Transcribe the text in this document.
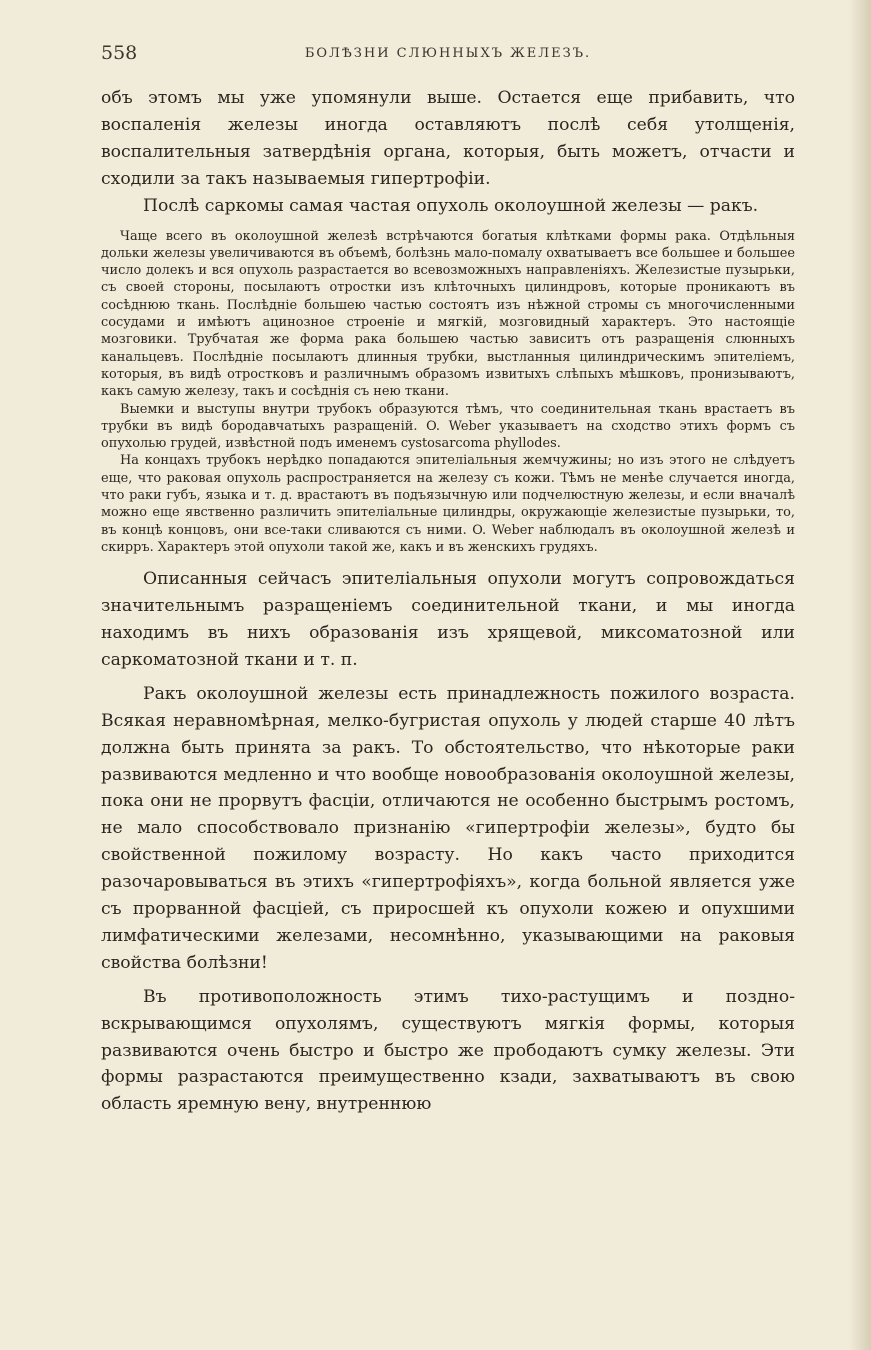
558	БОЛѢЗНИ СЛЮННЫХЪ ЖЕЛЕЗЪ.

объ этомъ мы уже упомянули выше. Остается еще прибавить, что воспаленія железы иногда оставляютъ послѣ себя утолщенія, воспалительныя затвердѣнія органа, которыя, быть можетъ, отчасти и сходили за такъ называемыя гипертрофіи.

Послѣ саркомы самая частая опухоль околоушной железы — ракъ.

Чаще всего въ околоушной железѣ встрѣчаются богатыя клѣтками формы рака. Отдѣльныя дольки железы увеличиваются въ объемѣ, болѣзнь мало-помалу охватываетъ все большее и большее число долекъ и вся опухоль разрастается во всевозможныхъ направленіяхъ. Железистые пузырьки, съ своей стороны, посылаютъ отростки изъ клѣточныхъ цилиндровъ, которые проникаютъ въ сосѣднюю ткань. Послѣдніе большею частью состоятъ изъ нѣжной стромы съ многочисленными сосудами и имѣютъ ацинозное строеніе и мягкій, мозговидный характеръ. Это настоящіе мозговики. Трубчатая же форма рака большею частью зависитъ отъ разращенія слюнныхъ канальцевъ. Послѣдніе посылаютъ длинныя трубки, выстланныя цилиндрическимъ эпителіемъ, которыя, въ видѣ отростковъ и различнымъ образомъ извитыхъ слѣпыхъ мѣшковъ, пронизываютъ, какъ самую железу, такъ и сосѣднія съ нею ткани.

Выемки и выступы внутри трубокъ образуются тѣмъ, что соединительная ткань врастаетъ въ трубки въ видѣ бородавчатыхъ разращеній. O. Weber указываетъ на сходство этихъ формъ съ опухолью грудей, извѣстной подъ именемъ cystosarcoma phyllodes.

На концахъ трубокъ нерѣдко попадаются эпителіальныя жемчужины; но изъ этого не слѣдуетъ еще, что раковая опухоль распространяется на железу съ кожи. Тѣмъ не менѣе случается иногда, что раки губъ, языка и т. д. врастаютъ въ подъязычную или подчелюстную железы, и если вначалѣ можно еще явственно различить эпителіальные цилиндры, окружающіе железистые пузырьки, то, въ концѣ концовъ, они все-таки сливаются съ ними. O. Weber наблюдалъ въ околоушной железѣ и скирръ. Характеръ этой опухоли такой же, какъ и въ женскихъ грудяхъ.

Описанныя сейчасъ эпителіальныя опухоли могутъ сопровождаться значительнымъ разращеніемъ соединительной ткани, и мы иногда находимъ въ нихъ образованія изъ хрящевой, миксоматозной или саркоматозной ткани и т. п.

Ракъ околоушной железы есть принадлежность пожилого возраста. Всякая неравномѣрная, мелко-бугристая опухоль у людей старше 40 лѣтъ должна быть принята за ракъ. То обстоятельство, что нѣкоторые раки развиваются медленно и что вообще новообразованія околоушной железы, пока они не прорвутъ фасціи, отличаются не особенно быстрымъ ростомъ, не мало способствовало признанію «гипертрофіи железы», будто бы свойственной пожилому возрасту. Но какъ часто приходится разочаровываться въ этихъ «гипертрофіяхъ», когда больной является уже съ прорванной фасціей, съ приросшей къ опухоли кожею и опухшими лимфатическими железами, несомнѣнно, указывающими на раковыя свойства болѣзни!

Въ противоположность этимъ тихо-растущимъ и поздно-вскрывающимся опухолямъ, существуютъ мягкія формы, которыя развиваются очень быстро и быстро же прободаютъ сумку железы. Эти формы разрастаются преимущественно кзади, захватываютъ въ свою область яремную вену, внутреннюю
